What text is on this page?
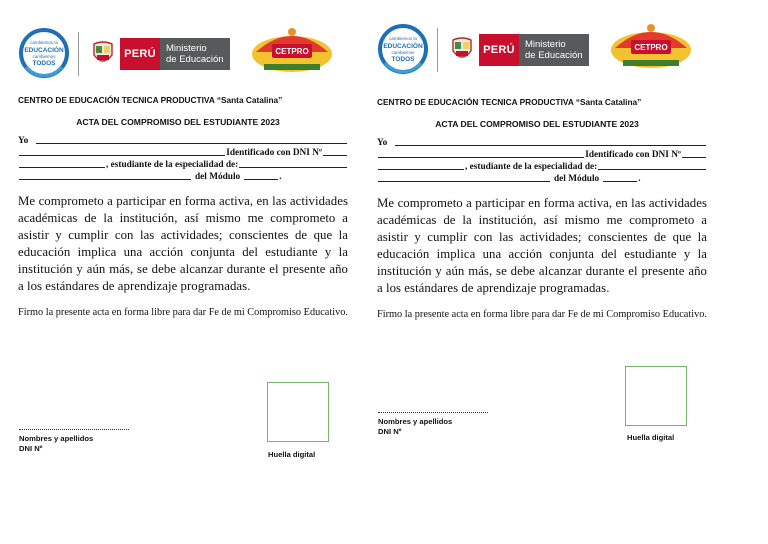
cambiemos la
EDUCACIÓN
cambiemos
TODOS
PERÚ	Ministerio
de Educación
CETPRO
CENTRO DE EDUCACIÓN TECNICA PRODUCTIVA “Santa Catalina”
ACTA DEL COMPROMISO DEL ESTUDIANTE 2023
Yo
Identificado con DNI Nº
, estudiante de la especialidad de:
del Módulo	.
Me comprometo a participar en forma activa, en las actividades académicas de la institución, así mismo me comprometo a asistir y cumplir con las actividades; conscientes de que la educación implica una acción conjunta del estudiante y la institución y aún más, se debe alcanzar durante el presente año a los estándares de aprendizaje programadas.
Firmo la presente acta en forma libre para dar Fe de mi Compromiso Educativo.
Nombres y apellidos
DNI Nº
Huella digital
cambiemos la
EDUCACIÓN
cambiemos
TODOS
PERÚ	Ministerio
de Educación
CETPRO
CENTRO DE EDUCACIÓN TECNICA PRODUCTIVA “Santa Catalina”
ACTA DEL COMPROMISO DEL ESTUDIANTE 2023
Yo
Identificado con DNI Nº
, estudiante de la especialidad de:
del Módulo	.
Me comprometo a participar en forma activa, en las actividades académicas de la institución, así mismo me comprometo a asistir y cumplir con las actividades; conscientes de que la educación implica una acción conjunta del estudiante y la institución y aún más, se debe alcanzar durante el presente año a los estándares de aprendizaje programadas.
Firmo la presente acta en forma libre para dar Fe de mi Compromiso Educativo.
Nombres y apellidos
DNI Nº
Huella digital
